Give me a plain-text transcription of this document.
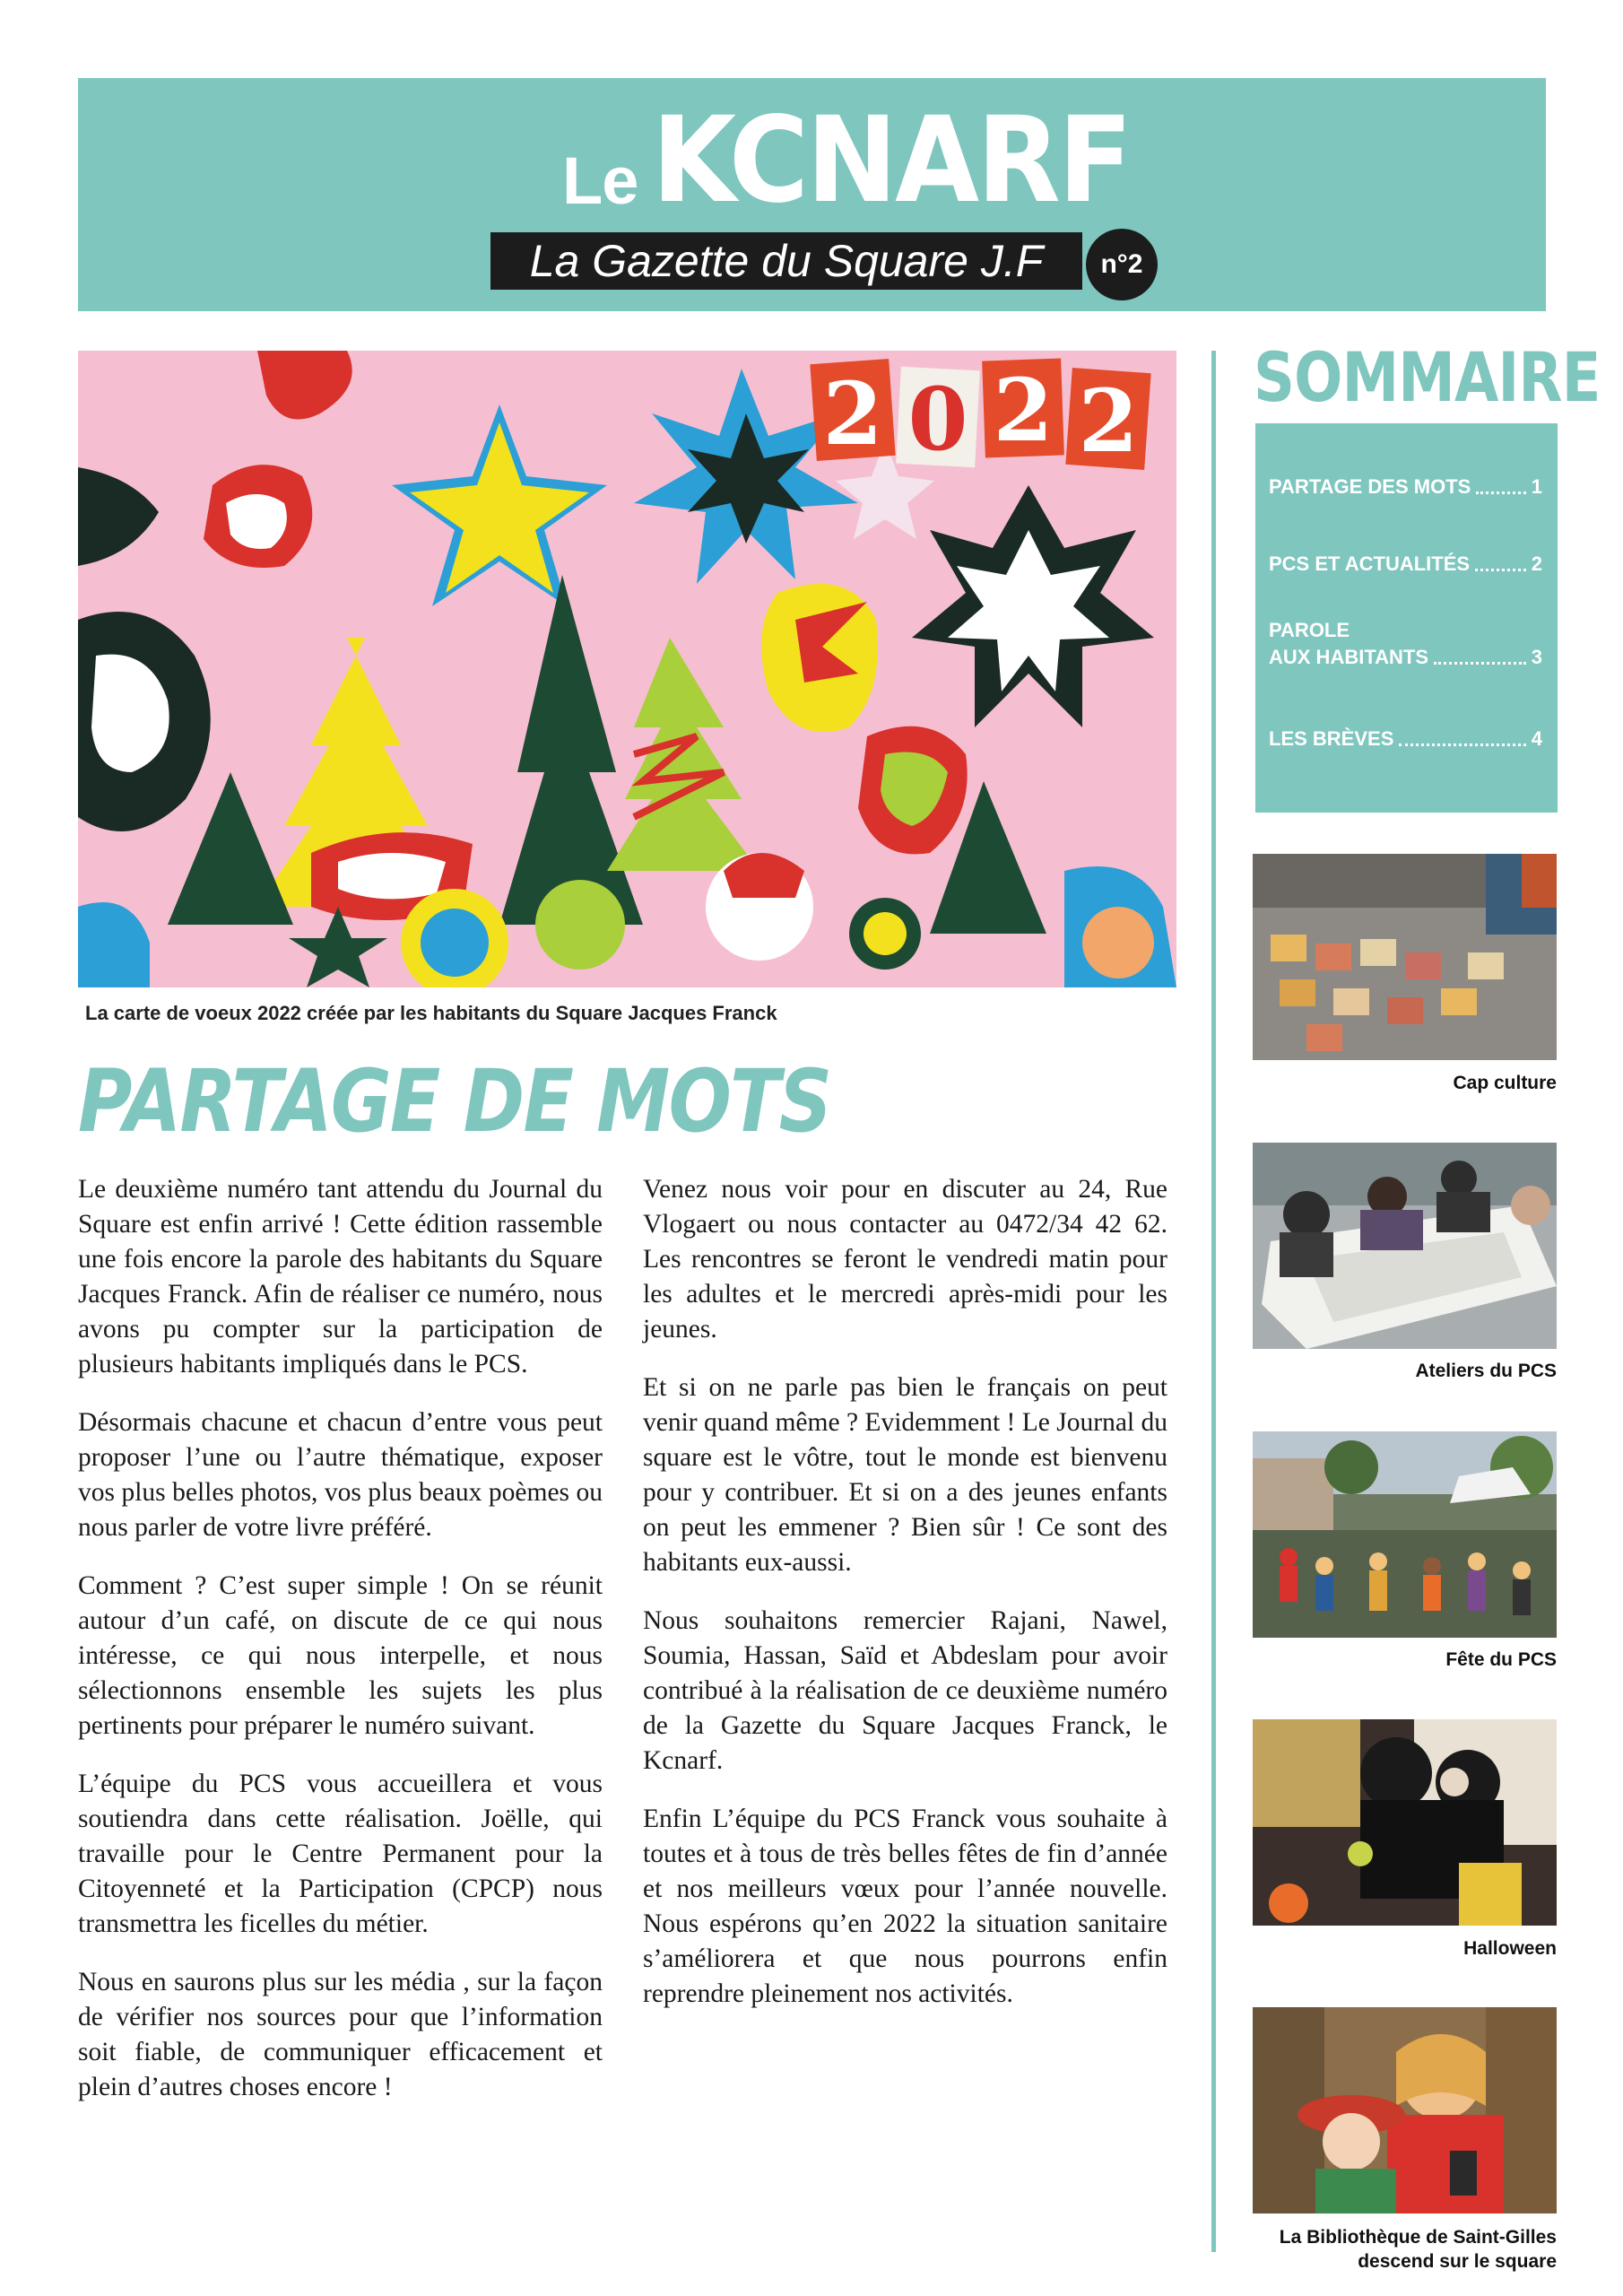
Le KCNARF
La Gazette du Square J.F	n°2
2 0 2 2
La carte de voeux 2022 créée par les habitants du Square Jacques Franck
PARTAGE DE MOTS

Le deuxième numéro tant attendu du Journal du Square est enfin arrivé ! Cette édition rassemble une fois encore la parole des habitants du Square Jacques Franck. Afin de réaliser ce numéro, nous avons pu compter sur la participation de plusieurs habitants impliqués dans le PCS.

Désormais chacune et chacun d’entre vous peut proposer l’une ou l’autre thématique, exposer vos plus belles photos, vos plus beaux poèmes ou nous parler de votre livre préféré.

Comment ? C’est super simple ! On se réunit autour d’un café, on discute de ce qui nous intéresse, ce qui nous interpelle, et nous sélectionnons ensemble les sujets les plus pertinents pour préparer le numéro suivant.

L’équipe du PCS vous accueillera et vous soutiendra dans cette réalisation. Joëlle, qui travaille pour le Centre Permanent pour la Citoyenneté et la Participation (CPCP) nous transmettra les ficelles du métier.

Nous en saurons plus sur les média , sur la façon de vérifier nos sources pour que l’information soit fiable, de communiquer efficacement et plein d’autres choses encore !

Venez nous voir pour en discuter au 24, Rue Vlogaert ou nous contacter au 0472/34 42 62. Les rencontres se feront le vendredi matin pour les adultes et le mercredi après-midi pour les jeunes.

Et si on ne parle pas bien le français on peut venir quand même ? Evidemment ! Le Journal du square est le vôtre, tout le monde est bienvenu pour y contribuer. Et si on a des jeunes enfants on peut les emmener ? Bien sûr ! Ce sont des habitants eux-aussi.

Nous souhaitons remercier Rajani, Nawel, Soumia, Hassan, Saïd et Abdeslam pour avoir contribué à la réalisation de ce deuxième numéro de la Gazette du Square Jacques Franck, le Kcnarf.

Enfin L’équipe du PCS Franck vous souhaite à toutes et à tous de très belles fêtes de fin d’année et nos meilleurs vœux pour l’année nouvelle. Nous espérons qu’en 2022 la situation sanitaire s’améliorera et que nous pourrons enfin reprendre pleinement nos activités.

SOMMAIRE
PARTAGE DES MOTS	1
PCS ET ACTUALITÉS	2
PAROLE
AUX HABITANTS	3
LES BRÈVES	4
Cap culture
Ateliers du PCS
Fête du PCS
Halloween
La Bibliothèque de Saint-Gilles
descend sur le square
